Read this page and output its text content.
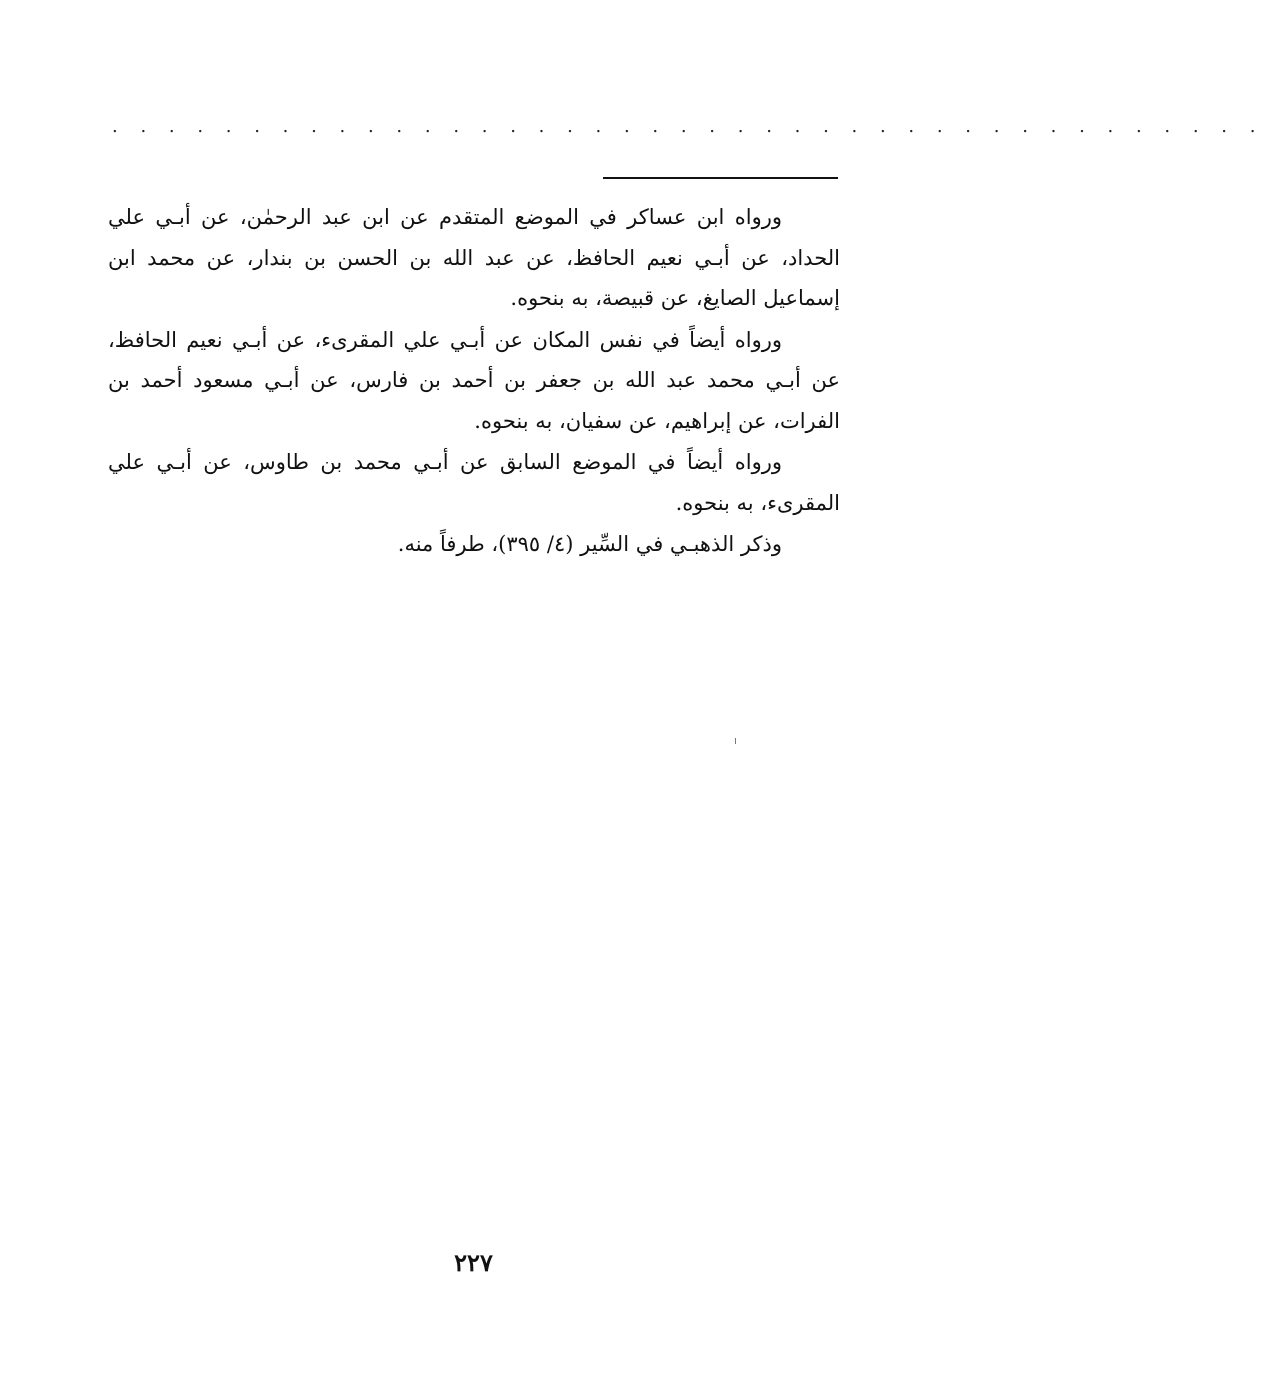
. . . . . . . . . . . . . . . . . . . . . . . . . . . . . . . . . . . . . . . . .

ورواه ابن عساكر في الموضع المتقدم عن ابن عبد الرحمٰن، عن أبـي علي الحداد، عن أبـي نعيم الحافظ، عن عبد الله بن الحسن بن بندار، عن محمد ابن إسماعيل الصايغ، عن قبيصة، به بنحوه.

ورواه أيضاً في نفس المكان عن أبـي علي المقرىء، عن أبـي نعيم الحافظ، عن أبـي محمد عبد الله بن جعفر بن أحمد بن فارس، عن أبـي مسعود أحمد بن الفرات، عن إبراهيم، عن سفيان، به بنحوه.

ورواه أيضاً في الموضع السابق عن أبـي محمد بن طاوس، عن أبـي علي المقرىء، به بنحوه.

وذكر الذهبـي في السِّير (٤/ ٣٩٥)، طرفاً منه.

٢٢٧
